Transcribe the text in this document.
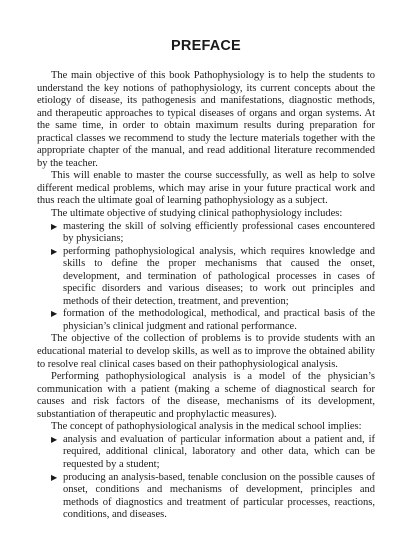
PREFACE

The main objective of this book Pathophysiology is to help the students to understand the key notions of pathophysiology, its current concepts about the etiology of disease, its pathogenesis and manifestations, diagnostic methods, and therapeutic approaches to typical diseases of organs and organ systems. At the same time, in order to obtain maximum results during preparation for practical classes we recommend to study the lecture materials together with the appropriate chapter of the manual, and read additional literature recommended by the teacher.

This will enable to master the course successfully, as well as help to solve different medical problems, which may arise in your future practical work and thus reach the ultimate goal of learning pathophysiology as a subject.

The ultimate objective of studying clinical pathophysiology includes:

▶ mastering the skill of solving efficiently professional cases encountered by physicians;
▶ performing pathophysiological analysis, which requires knowledge and skills to define the proper mechanisms that caused the onset, development, and termination of pathological processes in cases of specific disorders and various diseases; to work out principles and methods of their detection, treatment, and prevention;
▶ formation of the methodological, methodical, and practical basis of the physician’s clinical judgment and rational performance.

The objective of the collection of problems is to provide students with an educational material to develop skills, as well as to improve the obtained ability to resolve real clinical cases based on their pathophysiological analysis.

Performing pathophysiological analysis is a model of the physician’s communication with a patient (making a scheme of diagnostical search for causes and risk factors of the disease, mechanisms of its development, substantiation of therapeutic and prophylactic measures).

The concept of pathophysiological analysis in the medical school implies:

▶ analysis and evaluation of particular information about a patient and, if required, additional clinical, laboratory and other data, which can be requested by a student;
▶ producing an analysis-based, tenable conclusion on the possible causes of onset, conditions and mechanisms of development, principles and methods of diagnostics and treatment of particular processes, reactions, conditions, and diseases.
